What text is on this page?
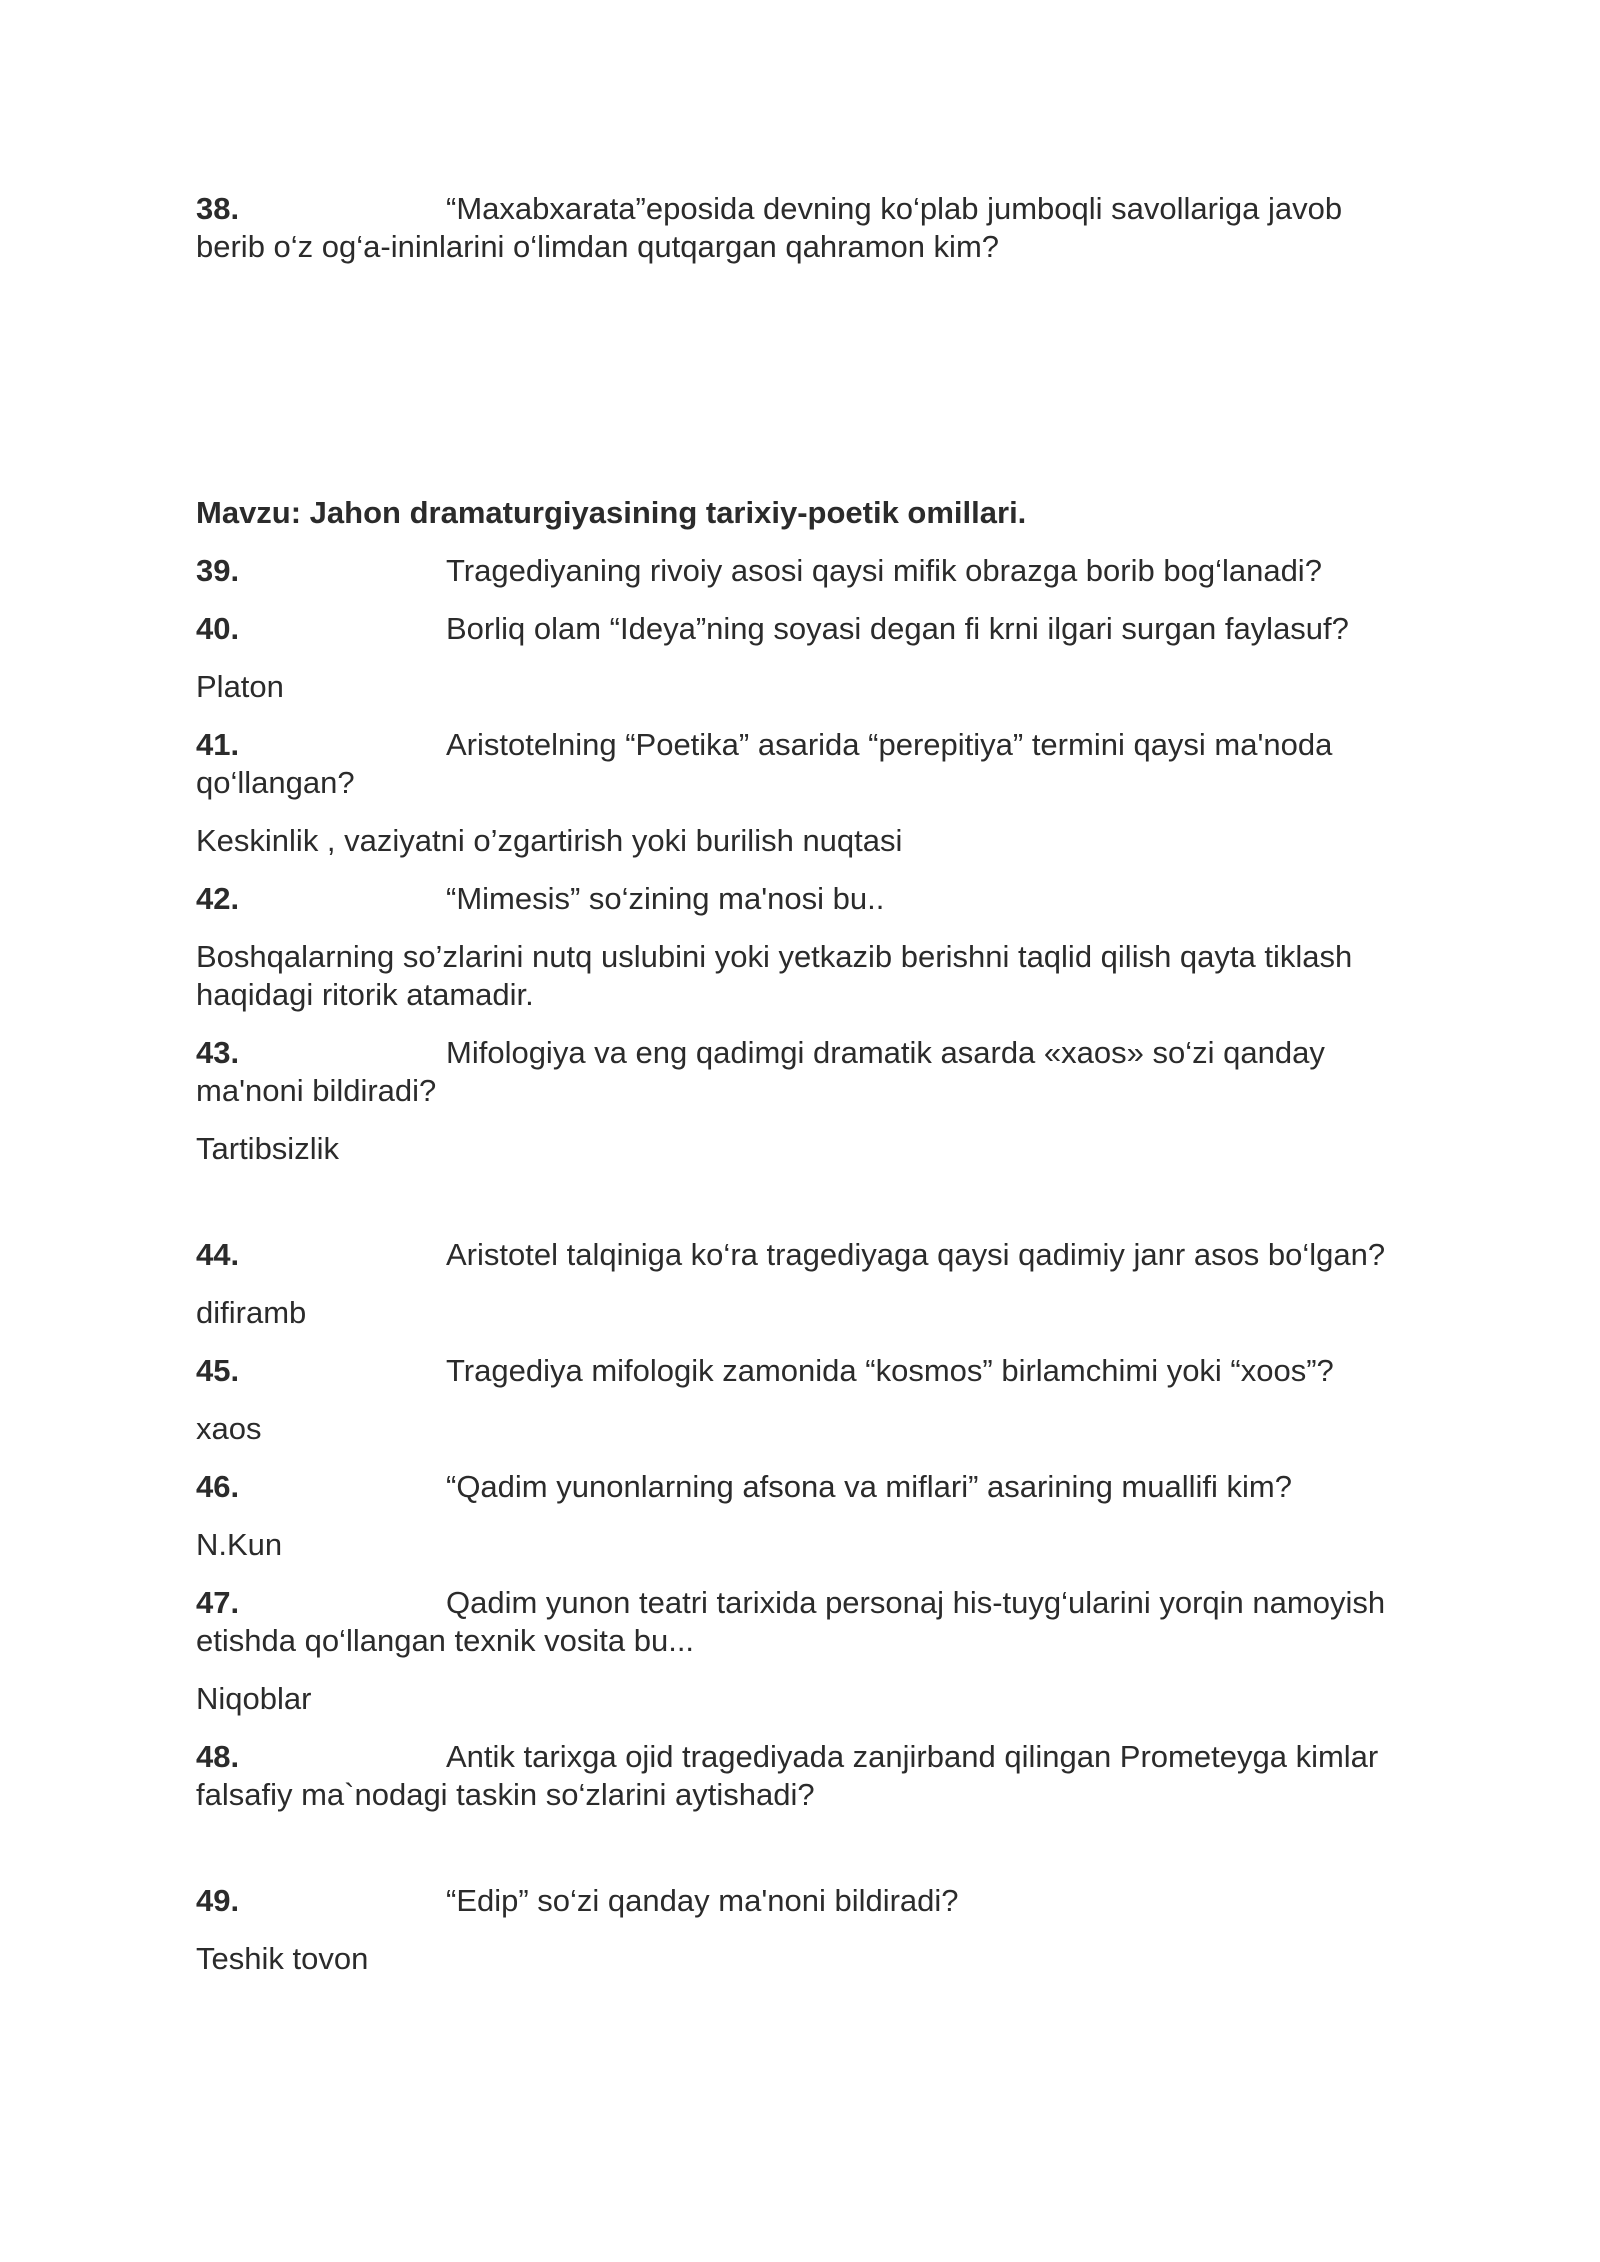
38.	“Maxabxarata”eposida devning ko‘plab jumboqli savollariga javob berib o‘z og‘a-ininlarini o‘limdan qutqargan qahramon kim?

Mavzu: Jahon dramaturgiyasining tarixiy-poetik omillari.

39.	Tragediyaning rivoiy asosi qaysi mifik obrazga borib bog‘lanadi?

40.	Borliq olam “Ideya”ning soyasi degan fi krni ilgari surgan faylasuf?

Platon

41.	Aristotelning “Poetika” asarida “perepitiya” termini qaysi ma'noda qo‘llangan?

Keskinlik , vaziyatni o’zgartirish yoki burilish nuqtasi

42.	“Mimesis” so‘zining ma'nosi bu..

Boshqalarning so’zlarini nutq uslubini yoki yetkazib berishni taqlid qilish qayta tiklash haqidagi ritorik atamadir.

43.	Mifologiya va eng qadimgi dramatik asarda «xaos» so‘zi qanday ma'noni bildiradi?

Tartibsizlik

44.	Aristotel talqiniga ko‘ra tragediyaga qaysi qadimiy janr asos bo‘lgan?

difiramb

45.	Tragediya mifologik zamonida “kosmos” birlamchimi yoki “xoos”?

xaos

46.	“Qadim yunonlarning afsona va miflari” asarining muallifi kim?

N.Kun

47.	Qadim yunon teatri tarixida personaj his-tuyg‘ularini yorqin namoyish etishda qo‘llangan texnik vosita bu...

Niqoblar

48.	Antik tarixga ojid tragediyada zanjirband qilingan Prometeyga kimlar falsafiy ma`nodagi taskin so‘zlarini aytishadi?

49.	“Edip” so‘zi qanday ma'noni bildiradi?

Teshik tovon
